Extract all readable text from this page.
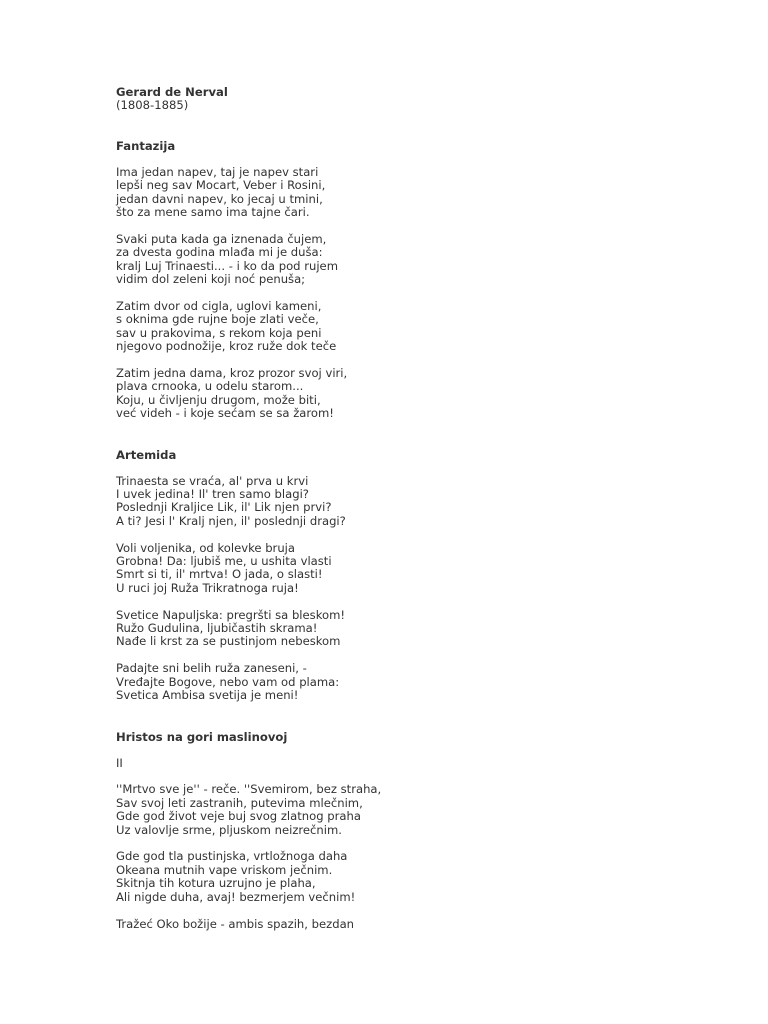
Gerard de Nerval
(1808-1885)
Fantazija
Ima jedan napev, taj je napev stari
lepši neg sav Mocart, Veber i Rosini,
jedan davni napev, ko jecaj u tmini,
što za mene samo ima tajne čari.
Svaki puta kada ga iznenada čujem,
za dvesta godina mlađa mi je duša:
kralj Luj Trinaesti... - i ko da pod rujem
vidim dol zeleni koji noć penuša;
Zatim dvor od cigla, uglovi kameni,
s oknima gde rujne boje zlati veče,
sav u prakovima, s rekom koja peni
njegovo podnožije, kroz ruže dok teče
Zatim jedna dama, kroz prozor svoj viri,
plava crnooka, u odelu starom...
Koju, u čivljenju drugom, može biti,
već videh - i koje sećam se sa žarom!
Artemida
Trinaesta se vraća, al' prva u krvi
I uvek jedina! Il' tren samo blagi?
Poslednji Kraljice Lik, il' Lik njen prvi?
A ti? Jesi l' Kralj njen, il' poslednji dragi?
Voli voljenika, od kolevke bruja
Grobna! Da: ljubiš me, u ushita vlasti
Smrt si ti, il' mrtva! O jada, o slasti!
U ruci joj Ruža Trikratnoga ruja!
Svetice Napuljska: pregršti sa bleskom!
Ružo Gudulina, ljubičastih skrama!
Nađe li krst za se pustinjom nebeskom
Padajte sni belih ruža zaneseni, -
Vređajte Bogove, nebo vam od plama:
Svetica Ambisa svetija je meni!
Hristos na gori maslinovoj
II
''Mrtvo sve je'' - reče. ''Svemirom, bez straha,
Sav svoj leti zastranih, putevima mlečnim,
Gde god život veje buj svog zlatnog praha
Uz valovlje srme, pljuskom neizrečnim.
Gde god tla pustinjska, vrtložnoga daha
Okeana mutnih vape vriskom ječnim.
Skitnja tih kotura uzrujno je plaha,
Ali nigde duha, avaj! bezmerjem večnim!
Tražeć Oko božije - ambis spazih, bezdan
